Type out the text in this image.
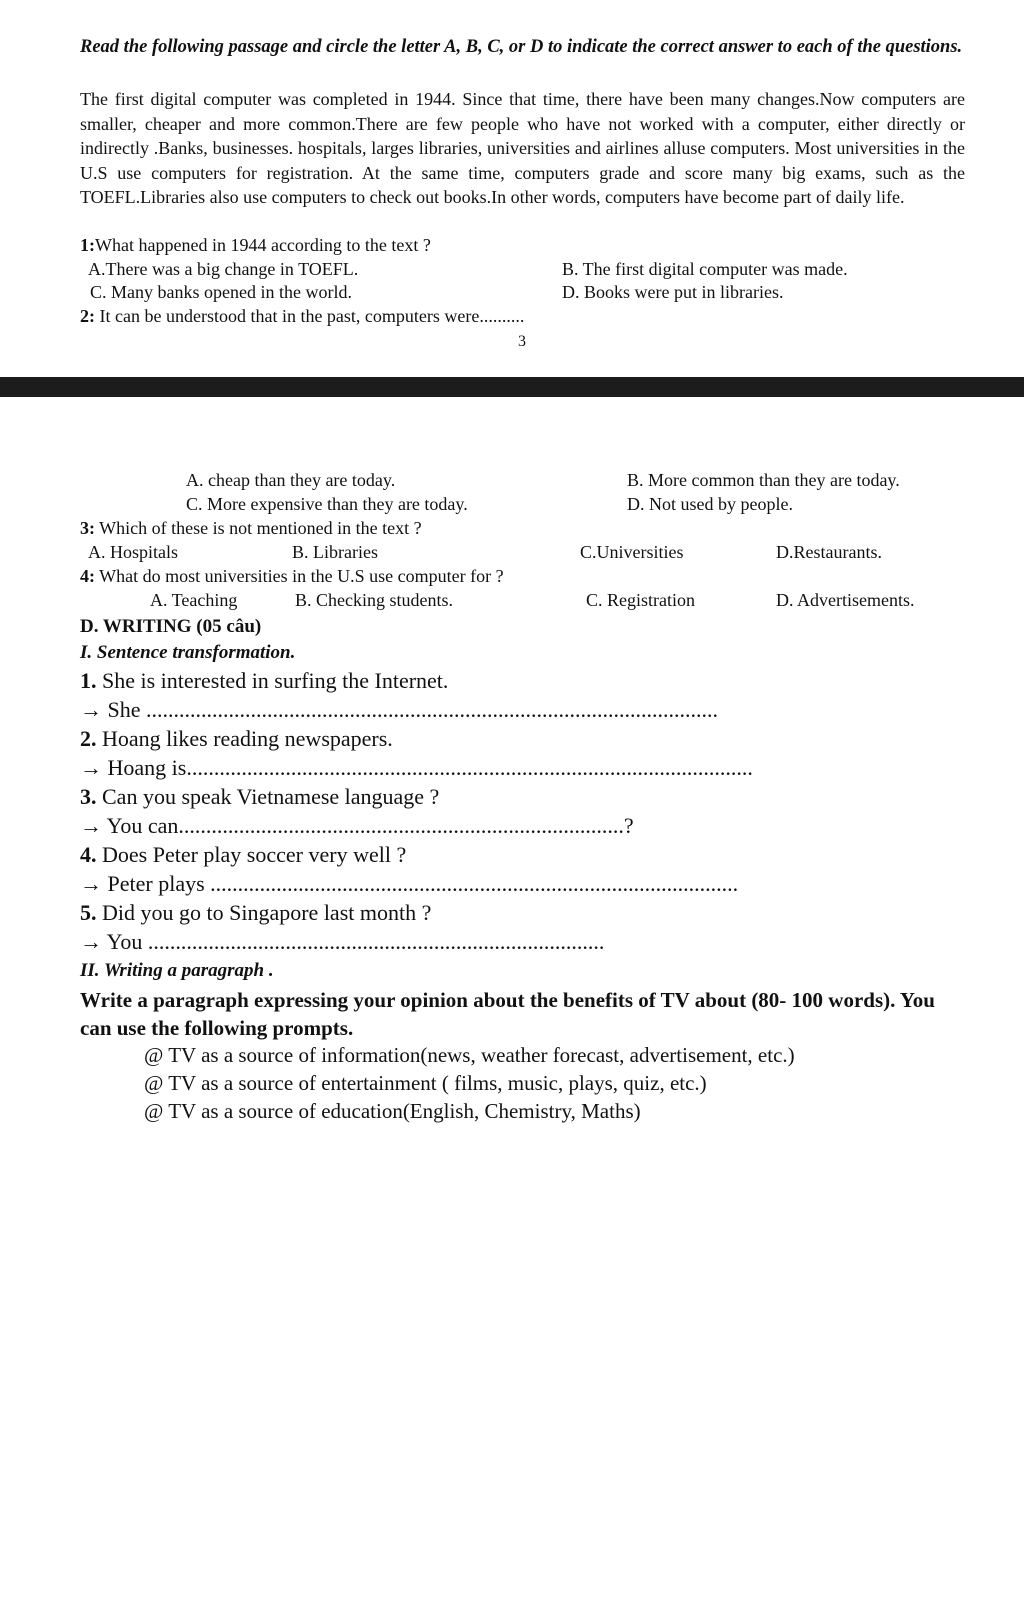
Read the following passage and circle the letter A, B, C, or D to indicate the correct answer to each of the questions.
The first digital computer was completed in 1944. Since that time, there have been many changes.Now computers are smaller, cheaper and more common.There are few people who have not worked with a computer, either directly or indirectly .Banks, businesses. hospitals, larges libraries, universities and airlines alluse computers. Most universities in the U.S use computers for registration. At the same time, computers grade and score many big exams, such as the TOEFL.Libraries also use computers to check out books.In other words, computers have become part of daily life.
1:What happened in 1944 according to the text ?
A.There was a big change in TOEFL.	B. The first digital computer was made.
C. Many banks opened in the world.	D. Books were put in libraries.
2: It can be understood that in the past, computers were..........
3
A. cheap than they are today.	B. More common than they are today.
C. More expensive than they are today.	D. Not used by people.
3: Which of these is not mentioned in the text ?
A. Hospitals	B. Libraries	C.Universities	D.Restaurants.
4: What do most universities in the U.S use computer for ?
A. Teaching	B. Checking students.	C. Registration	D. Advertisements.
D. WRITING (05 câu)
I. Sentence transformation.
1. She is interested in surfing the Internet.
→ She ........................................................................................................
2. Hoang likes reading newspapers.
→ Hoang is.......................................................................................................
3. Can you speak Vietnamese language ?
→ You can.................................................................................?
4. Does Peter play soccer very well ?
→ Peter plays ................................................................................................
5. Did you go to Singapore last month ?
→ You ...................................................................................
II. Writing a paragraph .
Write a paragraph expressing your opinion about the benefits of TV about (80- 100 words). You can use the following prompts.
@ TV as a source of information(news, weather forecast, advertisement, etc.)
@ TV as a source of entertainment ( films, music, plays, quiz, etc.)
@ TV as a source of education(English, Chemistry, Maths)
